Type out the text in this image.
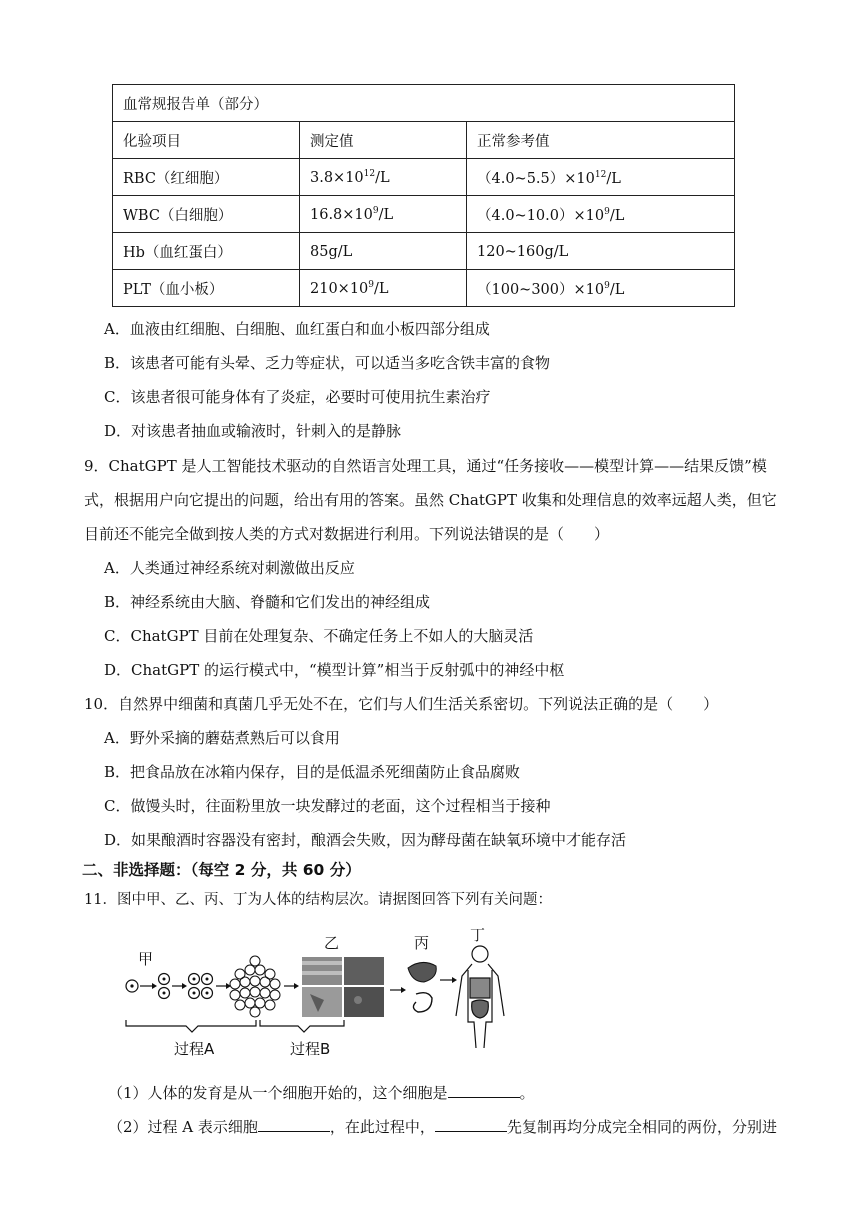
血常规报告单（部分）		
化验项目	测定值	正常参考值
RBC（红细胞）	$3.8\times 10^{12}/L$	$(4.0\sim 5.5)\times 10^{12}/L$
WBC（白细胞）	$16.8\times 10^9/L$	$(4.0\sim 10.0)\times 10^9/L$
Hb（血红蛋白）	85g/L	120~160g/L
PLT（血小板）	$210\times 10^9/L$	$(100\sim 300)\times 10^9/L$
A．血液由红细胞、白细胞、血红蛋白和血小板四部分组成
B．该患者可能有头晕、乏力等症状，可以适当多吃含铁丰富的食物
C．该患者很可能身体有了炎症，必要时可使用抗生素治疗
D．对该患者抽血或输液时，针刺入的是静脉
9．ChatGPT 是人工智能技术驱动的自然语言处理工具，通过“任务接收——模型计算——结果反馈”模
式，根据用户向它提出的问题，给出有用的答案。虽然 ChatGPT 收集和处理信息的效率远超人类，但它
目前还不能完全做到按人类的方式对数据进行利用。下列说法错误的是（　　）
A．人类通过神经系统对刺激做出反应
B．神经系统由大脑、脊髓和它们发出的神经组成
C．ChatGPT 目前在处理复杂、不确定任务上不如人的大脑灵活
D．ChatGPT 的运行模式中，“模型计算”相当于反射弧中的神经中枢
10．自然界中细菌和真菌几乎无处不在，它们与人们生活关系密切。下列说法正确的是（　　）
A．野外采摘的蘑菇煮熟后可以食用
B．把食品放在冰箱内保存，目的是低温杀死细菌防止食品腐败
C．做馒头时，往面粉里放一块发酵过的老面，这个过程相当于接种
D．如果酿酒时容器没有密封，酿酒会失败，因为酵母菌在缺氧环境中才能存活
二、非选择题：（每空 2 分，共 60 分）
11．图中甲、乙、丙、丁为人体的结构层次。请据图回答下列有关问题：
甲
乙	丙	丁
过程A	过程B
（1）人体的发育是从一个细胞开始的，这个细胞是	。
（2）过程 A 表示细胞	，在此过程中，	先复制再均分成完全相同的两份，分别进
